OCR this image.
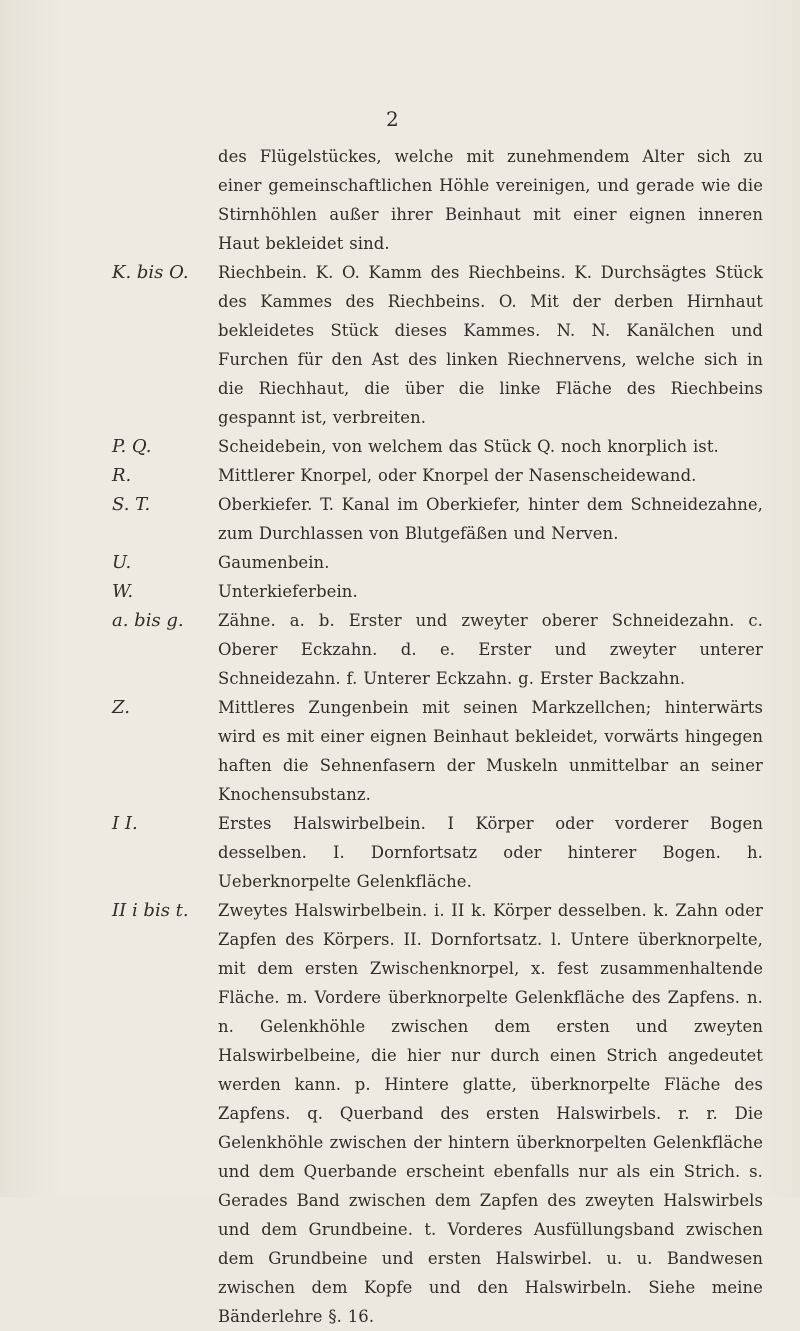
2
des Flügelstückes, welche mit zunehmendem Alter sich zu einer gemeinschaftlichen Höhle vereinigen, und gerade wie die Stirnhöhlen außer ihrer Beinhaut mit einer eignen inneren Haut bekleidet sind.
K. bis O.	Riechbein. K. O. Kamm des Riechbeins. K. Durchsägtes Stück des Kammes des Riechbeins. O. Mit der derben Hirnhaut bekleidetes Stück dieses Kammes. N. N. Kanälchen und Furchen für den Ast des linken Riechnervens, welche sich in die Riechhaut, die über die linke Fläche des Riechbeins gespannt ist, verbreiten.
P. Q.	Scheidebein, von welchem das Stück Q. noch knorplich ist.
R.	Mittlerer Knorpel, oder Knorpel der Nasenscheidewand.
S. T.	Oberkiefer. T. Kanal im Oberkiefer, hinter dem Schneidezahne, zum Durchlassen von Blutgefäßen und Nerven.
U.	Gaumenbein.
W.	Unterkieferbein.
a. bis g.	Zähne. a. b. Erster und zweyter oberer Schneidezahn. c. Oberer Eckzahn. d. e. Erster und zweyter unterer Schneidezahn. f. Unterer Eckzahn. g. Erster Backzahn.
Z.	Mittleres Zungenbein mit seinen Markzellchen; hinterwärts wird es mit einer eignen Beinhaut bekleidet, vorwärts hingegen haften die Sehnenfasern der Muskeln unmittelbar an seiner Knochensubstanz.
I I.	Erstes Halswirbelbein. I Körper oder vorderer Bogen desselben. I. Dornfortsatz oder hinterer Bogen. h. Ueberknorpelte Gelenkfläche.
II i bis t.	Zweytes Halswirbelbein. i. II k. Körper desselben. k. Zahn oder Zapfen des Körpers. II. Dornfortsatz. l. Untere überknorpelte, mit dem ersten Zwischenknorpel, x. fest zusammenhaltende Fläche. m. Vordere überknorpelte Gelenkfläche des Zapfens. n. n. Gelenkhöhle zwischen dem ersten und zweyten Halswirbelbeine, die hier nur durch einen Strich angedeutet werden kann. p. Hintere glatte, überknorpelte Fläche des Zapfens. q. Querband des ersten Halswirbels. r. r. Die Gelenkhöhle zwischen der hintern überknorpelten Gelenkfläche und dem Querbande erscheint ebenfalls nur als ein Strich. s. Gerades Band zwischen dem Zapfen des zweyten Halswirbels und dem Grundbeine. t. Vorderes Ausfüllungsband zwischen dem Grundbeine und ersten Halswirbel. u. u. Bandwesen zwischen dem Kopfe und den Halswirbeln. Siehe meine Bänderlehre §. 16.
